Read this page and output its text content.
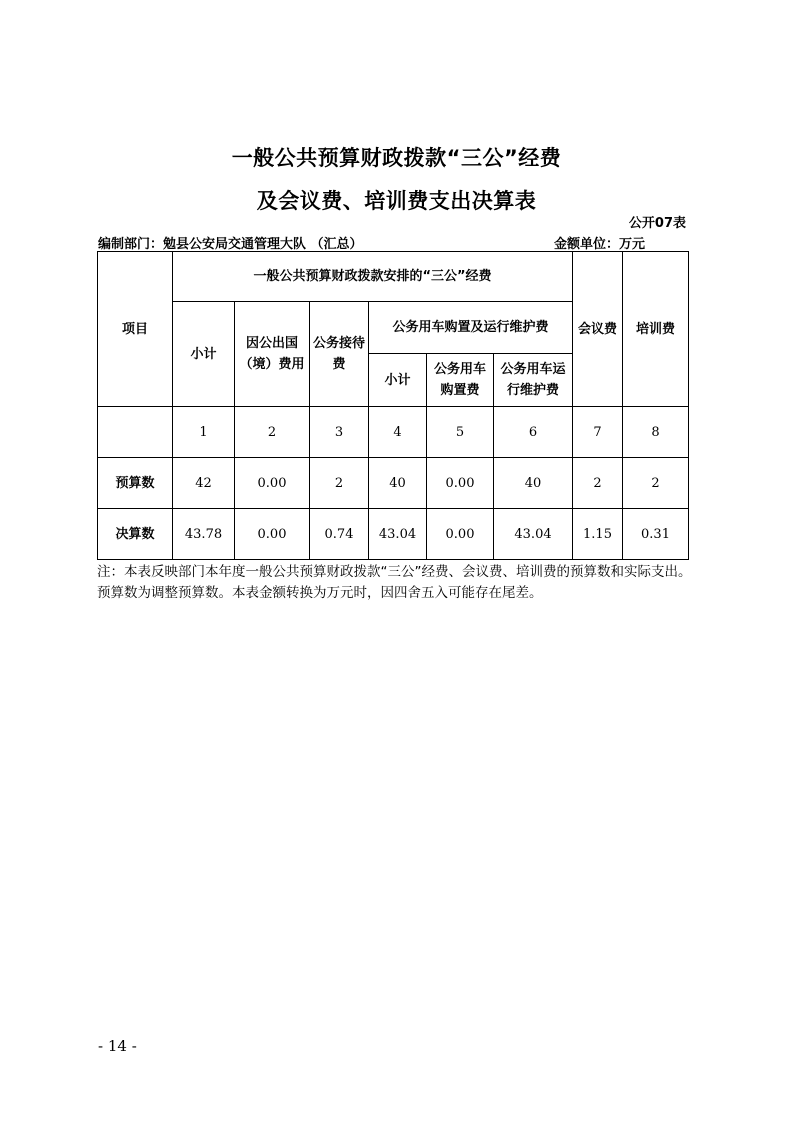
一般公共预算财政拨款“三公”经费
及会议费、培训费支出决算表
公开07表
编制部门：勉县公安局交通管理大队 （汇总）	金额单位：万元
项目	一般公共预算财政拨款安排的“三公”经费						会议费	培训费
	小计	因公出国（境）费用	公务接待费	公务用车购置及运行维护费				
				小计	公务用车购置费	公务用车运行维护费		
	1	2	3	4	5	6	7	8
预算数	42	0.00	2	40	0.00	40	2	2
决算数	43.78	0.00	0.74	43.04	0.00	43.04	1.15	0.31
注：本表反映部门本年度一般公共预算财政拨款“三公”经费、会议费、培训费的预算数和实际支出。预算数为调整预算数。本表金额转换为万元时，因四舍五入可能存在尾差。
- 14 -
